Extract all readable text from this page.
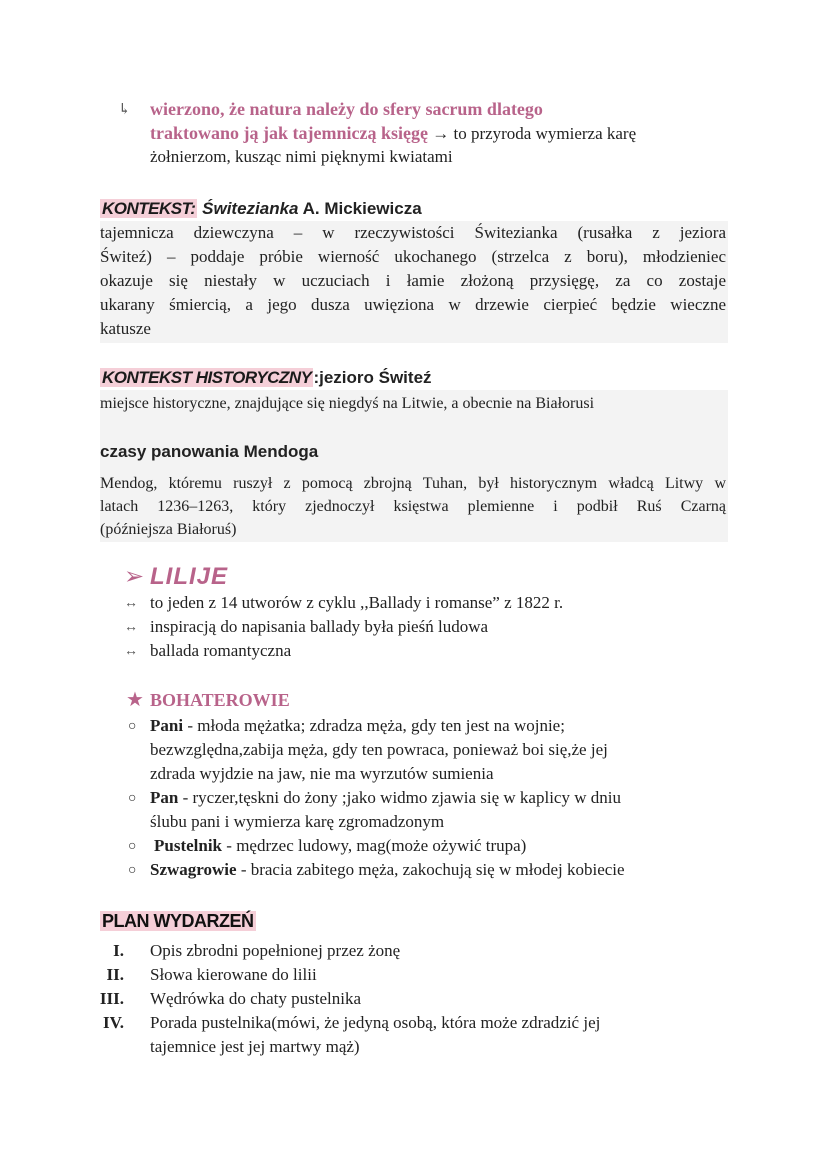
↳	wierzono, że natura należy do sfery sacrum dlatego
traktowano ją jak tajemniczą księgę → to przyroda wymierza karę
żołnierzom, kusząc nimi pięknymi kwiatami
KONTEKST: Świtezianka A. Mickiewicza
tajemnicza dziewczyna – w rzeczywistości Świtezianka (rusałka z jeziora
Świteź) – poddaje próbie wierność ukochanego (strzelca z boru), młodzieniec
okazuje się niestały w uczuciach i łamie złożoną przysięgę, za co zostaje
ukarany śmiercią, a jego dusza uwięziona w drzewie cierpieć będzie wieczne
katusze
KONTEKST HISTORYCZNY :jezioro Świteź
miejsce historyczne, znajdujące się niegdyś na Litwie, a obecnie na Białorusi
czasy panowania Mendoga
Mendog, któremu ruszył z pomocą zbrojną Tuhan, był historycznym władcą Litwy w
latach 1236–1263, który zjednoczył księstwa plemienne i podbił Ruś Czarną
(późniejsza Białoruś)
➢ LILIJE
↔ to jeden z 14 utworów z cyklu ,,Ballady i romanse” z 1822 r.
↔ inspiracją do napisania ballady była pieśń ludowa
↔ ballada romantyczna
★ BOHATEROWIE
○ Pani - młoda mężatka; zdradza męża, gdy ten jest na wojnie;
bezwzględna,zabija męża, gdy ten powraca, ponieważ boi się,że jej
zdrada wyjdzie na jaw, nie ma wyrzutów sumienia
○ Pan - ryczer,tęskni do żony ;jako widmo zjawia się w kaplicy w dniu
ślubu pani i wymierza karę zgromadzonym
○ Pustelnik - mędrzec ludowy, mag(może ożywić trupa)
○ Szwagrowie - bracia zabitego męża, zakochują się w młodej kobiecie
PLAN WYDARZEŃ
I. Opis zbrodni popełnionej przez żonę
II. Słowa kierowane do lilii
III. Wędrówka do chaty pustelnika
IV. Porada pustelnika(mówi, że jedyną osobą, która może zdradzić jej
tajemnice jest jej martwy mąż)
